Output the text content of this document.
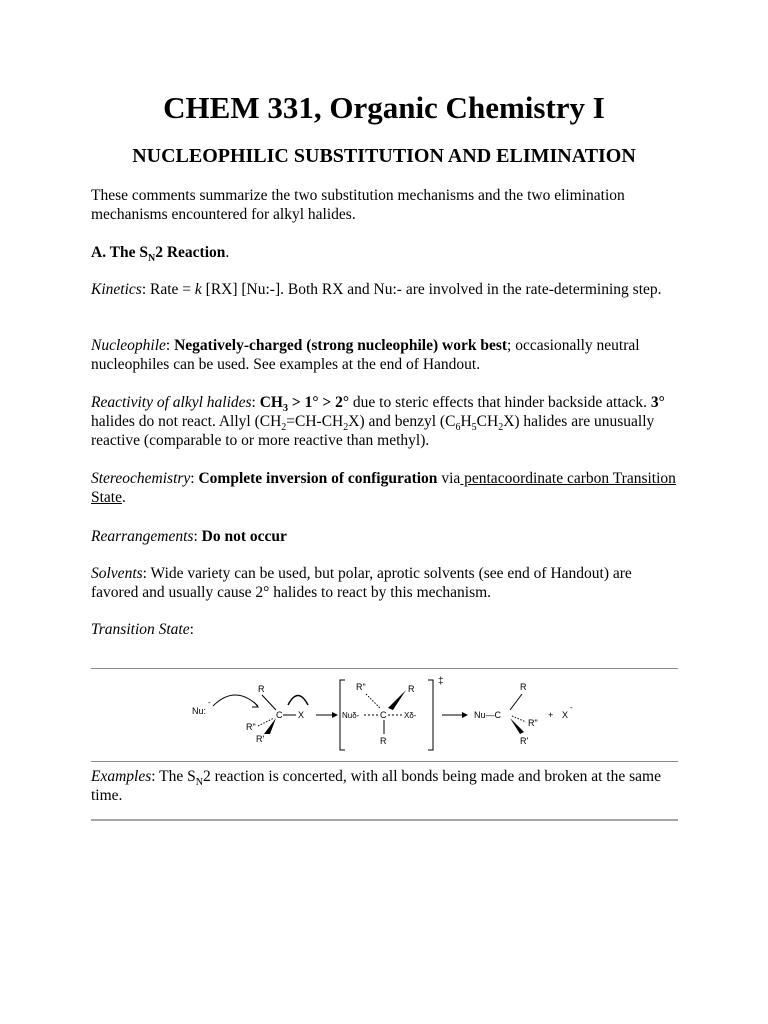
CHEM 331, Organic Chemistry I
NUCLEOPHILIC SUBSTITUTION AND ELIMINATION

These comments summarize the two substitution mechanisms and the two elimination mechanisms encountered for alkyl halides.

A. The $S_N2$ Reaction.

Kinetics: Rate = k [RX] [Nu:-]. Both RX and Nu:- are involved in the rate-determining step.

Nucleophile: Negatively-charged (strong nucleophile) work best; occasionally neutral nucleophiles can be used. See examples at the end of Handout.

Reactivity of alkyl halides: $CH_3 > 1^\circ > 2^\circ$ due to steric effects that hinder backside attack. 3° halides do not react. Allyl $(CH_2=CH-CH_2X)$ and benzyl $(C_6H_5CH_2X)$ halides are unusually reactive (comparable to or more reactive than methyl).

Stereochemistry: Complete inversion of configuration via pentacoordinate carbon Transition State.

Rearrangements: Do not occur

Solvents: Wide variety can be used, but polar, aprotic solvents (see end of Handout) are favored and usually cause 2° halides to react by this mechanism.

Transition State:

Nu:
-
R
C X
R"
R'
‡
Nuδ- C Xδ-
R"	R
R
Nu—C
R
R"
R'
+ X
-

Examples: The $S_N2$ reaction is concerted, with all bonds being made and broken at the same time.
